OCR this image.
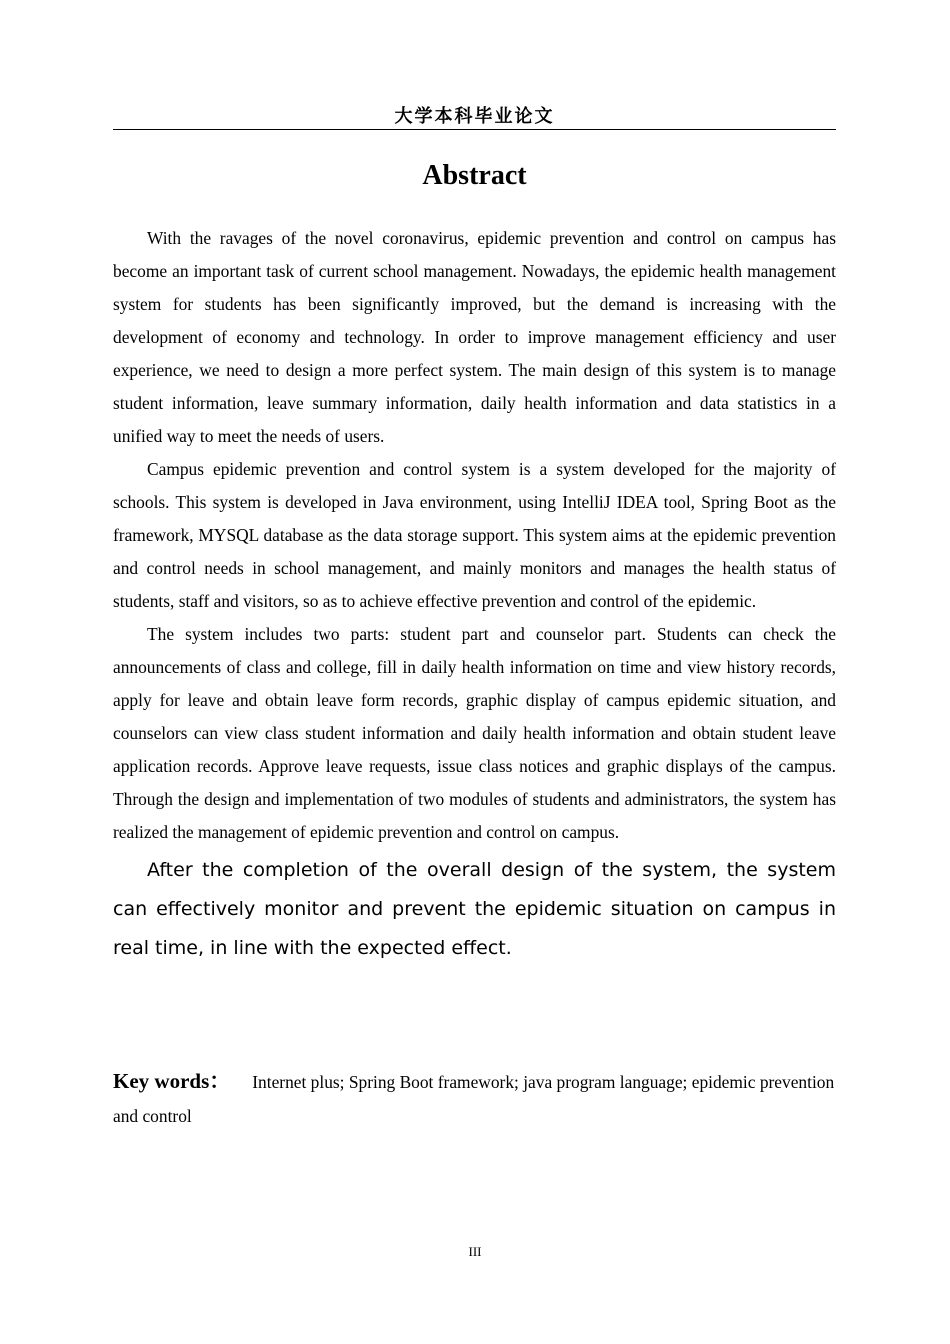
大学本科毕业论文
Abstract

With the ravages of the novel coronavirus, epidemic prevention and control on campus has become an important task of current school management. Nowadays, the epidemic health management system for students has been significantly improved, but the demand is increasing with the development of economy and technology. In order to improve management efficiency and user experience, we need to design a more perfect system. The main design of this system is to manage student information, leave summary information, daily health information and data statistics in a unified way to meet the needs of users.

Campus epidemic prevention and control system is a system developed for the majority of schools. This system is developed in Java environment, using IntelliJ IDEA tool, Spring Boot as the framework, MYSQL database as the data storage support. This system aims at the epidemic prevention and control needs in school management, and mainly monitors and manages the health status of students, staff and visitors, so as to achieve effective prevention and control of the epidemic.

The system includes two parts: student part and counselor part. Students can check the announcements of class and college, fill in daily health information on time and view history records, apply for leave and obtain leave form records, graphic display of campus epidemic situation, and counselors can view class student information and daily health information and obtain student leave application records. Approve leave requests, issue class notices and graphic displays of the campus. Through the design and implementation of two modules of students and administrators, the system has realized the management of epidemic prevention and control on campus.

After the completion of the overall design of the system, the system can effectively monitor and prevent the epidemic situation on campus in real time, in line with the expected effect.

Key words： Internet plus; Spring Boot framework; java program language; epidemic prevention and control
III
